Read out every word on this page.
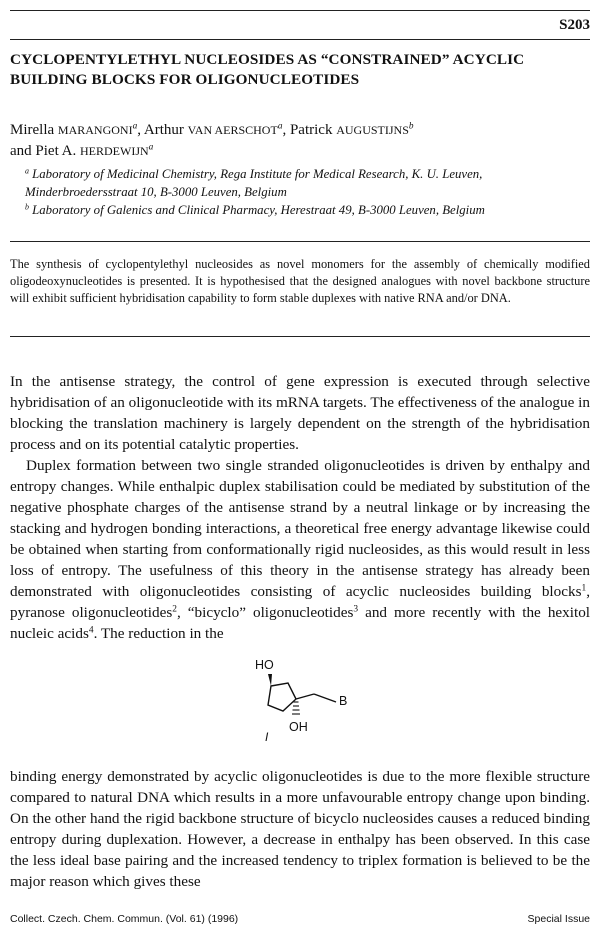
S203
CYCLOPENTYLETHYL NUCLEOSIDES AS “CONSTRAINED” ACYCLIC BUILDING BLOCKS FOR OLIGONUCLEOTIDES
Mirella MARANGONI$^a$, Arthur VAN AERSCHOT$^a$, Patrick AUGUSTIJNS$^b$
and Piet A. HERDEWIJN$^a$
$^a$ Laboratory of Medicinal Chemistry, Rega Institute for Medical Research, K. U. Leuven,
Minderbroedersstraat 10, B-3000 Leuven, Belgium
$^b$ Laboratory of Galenics and Clinical Pharmacy, Herestraat 49, B-3000 Leuven, Belgium
The synthesis of cyclopentylethyl nucleosides as novel monomers for the assembly of chemically modified oligodeoxynucleotides is presented. It is hypothesised that the designed analogues with novel backbone structure will exhibit sufficient hybridisation capability to form stable duplexes with native RNA and/or DNA.
In the antisense strategy, the control of gene expression is executed through selective hybridisation of an oligonucleotide with its mRNA targets. The effectiveness of the analogue in blocking the translation machinery is largely dependent on the strength of the hybridisation process and on its potential catalytic properties.
Duplex formation between two single stranded oligonucleotides is driven by enthalpy and entropy changes. While enthalpic duplex stabilisation could be mediated by substitution of the negative phosphate charges of the antisense strand by a neutral linkage or by increasing the stacking and hydrogen bonding interactions, a theoretical free energy advantage likewise could be obtained when starting from conformationally rigid nucleosides, as this would result in less loss of entropy. The usefulness of this theory in the antisense strategy has already been demonstrated with oligonucleotides consisting of acyclic nucleosides building blocks$^1$, pyranose oligonucleotides$^2$, “bicyclo” oligonucleotides$^3$ and more recently with the hexitol nucleic acids$^4$. The reduction in the
HO
B
OH
I
binding energy demonstrated by acyclic oligonucleotides is due to the more flexible structure compared to natural DNA which results in a more unfavourable entropy change upon binding. On the other hand the rigid backbone structure of bicyclo nucleosides causes a reduced binding entropy during duplexation. However, a decrease in enthalpy has been observed. In this case the less ideal base pairing and the increased tendency to triplex formation is believed to be the major reason which gives these
Collect. Czech. Chem. Commun. (Vol. 61) (1996)	Special Issue
